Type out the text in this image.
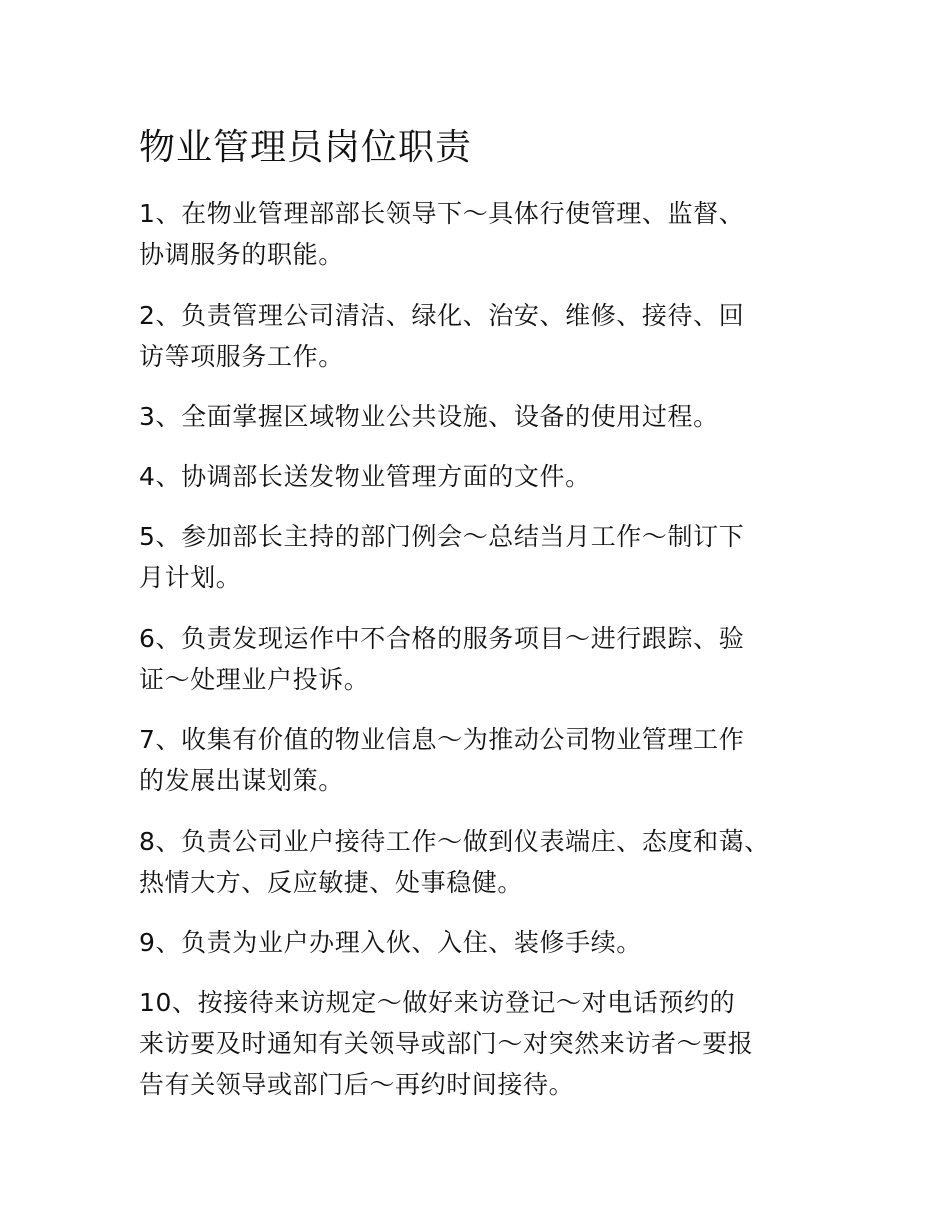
物业管理员岗位职责

1、在物业管理部部长领导下～具体行使管理、监督、
协调服务的职能。

2、负责管理公司清洁、绿化、治安、维修、接待、回
访等项服务工作。

3、全面掌握区域物业公共设施、设备的使用过程。

4、协调部长送发物业管理方面的文件。

5、参加部长主持的部门例会～总结当月工作～制订下
月计划。

6、负责发现运作中不合格的服务项目～进行跟踪、验
证～处理业户投诉。

7、收集有价值的物业信息～为推动公司物业管理工作
的发展出谋划策。

8、负责公司业户接待工作～做到仪表端庄、态度和蔼、
热情大方、反应敏捷、处事稳健。

9、负责为业户办理入伙、入住、装修手续。

10、按接待来访规定～做好来访登记～对电话预约的
来访要及时通知有关领导或部门～对突然来访者～要报
告有关领导或部门后～再约时间接待。
